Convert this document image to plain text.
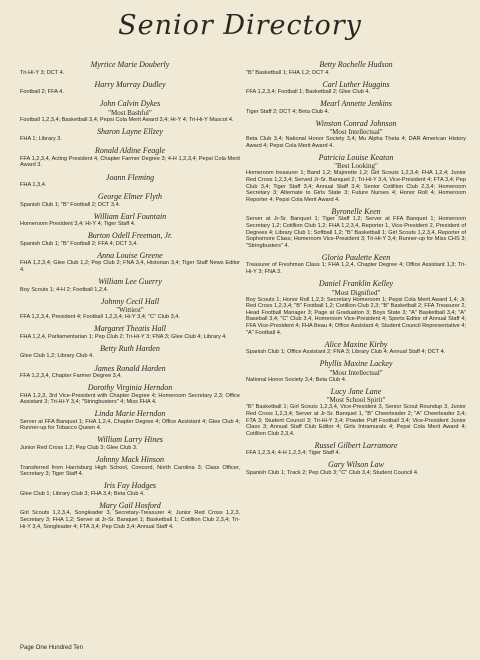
Senior Directory
Myrtice Marie Douberly
Tri-Hi-Y 3; DCT 4.
Harry Murray Dudley
Football 2; FFA 4.
John Calvin Dykes
"Most Bashful"
Football 1,2,3,4; Basketball 3,4; Pepsi Cola Merit Award 3,4; Hi-Y 4; Tri-Hi-Y Mascot 4.
Sharon Layne Ellzey
FHA 1; Library 3.
Ronald Aldine Feagle
FFA 1,2,3,4, Acting President 4, Chapter Farmer Degree 3; 4-H 1,2,3,4; Pepsi Cola Merit Award 3.
Joann Fleming
FHA 1,3,4.
George Elmer Flyth
Spanish Club 1; "B" Football 2; DCT 3,4.
William Earl Fountain
Homeroom President 3,4; Hi-Y 4; Tiger Staff 4.
Burton Odell Freeman, Jr.
Spanish Club 1; "B" Football 2; FFA 4; DCT 3,4.
Anna Louise Greene
FHA 1,2,3,4; Glee Club 1,2; Pep Club 2; FNA 3,4, Historian 3,4; Tiger Staff News Editor 4.
William Lee Guerry
Boy Scouts 1; 4-H 2; Football 1,2,4.
Johnny Cecil Hall
"Wittiest"
FFA 1,2,3,4, President 4; Football 1,2,3,4; Hi-Y 3,4; "C" Club 3,4.
Margaret Theatis Hall
FHA 1,2,4, Parliamentarian 1; Pep Club 2; Tri-Hi-Y 3; FNA 3; Glee Club 4; Library 4.
Betty Ruth Harden
Glee Club 1,2; Library Club 4.
James Ronald Harden
FFA 1,2,3,4, Chapter Farmer Degree 3,4.
Dorothy Virginia Herndon
FHA 1,2,3, 3rd Vice-President with Chapter Degree 4; Homeroom Secretary 2,3; Office Assistant 3; Tri-Hi-Y 3,4; "Stringbusters" 4; Miss FHA 4.
Linda Marie Herndon
Server at FFA Banquet 1; FHA 1,2,4, Chapter Degree 4; Office Assistant 4; Glee Club 4; Runner-up for Tobacco Queen 4.
William Larry Hines
Junior Red Cross 1,2; Pep Club 3; Glee Club 3.
Johnny Mack Hinson
Transferred from Harrisburg High School, Concord, North Carolina 3; Class Officer, Secretary 3; Tiger Staff 4.
Iris Fay Hodges
Glee Club 1; Library Club 3; FHA 3,4; Beta Club 4.
Mary Gail Hosford
Girl Scouts 1,2,3,4, Songleader 3, Secretary-Treasurer 4; Junior Red Cross 1,2,3, Secretary 3; FHA 1,2; Server at Jr-Sr. Banquet 1; Basketball 1; Cotillion Club 2,3,4; Tri-Hi-Y 3,4, Songleader 4; FTA 3,4; Pep Club 3,4; Annual Staff 4.
Betty Rochelle Hudson
"B" Basketball 1; FHA 1,2; DCT 4.
Carl Luther Huggins
FFA 1,2,3,4; Football 1; Basketball 2; Glee Club 4.
Mearl Annette Jenkins
Tiger Staff 2; DCT 4; Beta Club 4.
Winston Conrad Johnson
"Most Intellectual"
Beta Club 3,4; National Honor Society 3,4; Mu Alpha Theta 4; DAR American History Award 4; Pepsi Cola Merit Award 4.
Patricia Louise Keaton
"Best Looking"
Homeroom treasurer 1; Band 1,2; Majorette 1,2; Girl Scouts 1,2,3,4; FHA 1,2,4; Junior Red Cross 1,2,3,4; Served Jr-Sr. Banquet 2; Tri-Hi-Y 3,4, Vice-President 4; FTA 3,4; Pep Club 3,4; Tiger Staff 3,4; Annual Staff 3,4; Senior Cotillion Club 2,3,4; Homeroom Secretary 3; Alternate to Girls State 3; Future Nurses 4; Honor Roll 4; Homeroom Reporter 4; Pepsi Cola Merit Award 4.
Byronelle Keen
Server at Jr-Sr. Banquet 1; Tiger Staff 1,2; Server at FFA Banquet 1; Homeroom Secretary 1,2; Cotillion Club 1,2; FHA 1,2,3,4, Reporter 1, Vice-President 2, President of Degrees 4; Library Club 1; Softball 1,2; "B" Basketball 1; Girl Scouts 1,2,3,4, Reporter of Sophomore Class; Homeroom Vice-President 3; Tri-Hi-Y 3,4; Runner-up for Miss CHS 3; "Stringbusters" 4.
Gloria Paulette Keen
Treasurer of Freshman Class 1; FHA 1,2,4, Chapter Degree 4; Office Assistant 1,3; Tri-Hi-Y 3; FNA 3.
Daniel Franklin Kelley
"Most Dignified"
Boy Scouts 1; Honor Roll 1,2,3; Secretary Homeroom 1; Pepsi Cola Merit Award 1,4; Jr. Red Cross 1,2,3,4; "B" Football 1,2; Cotillion Club 2,3; "B" Basketball 2; FFA Treasurer 2, Head Football Manager 3; Page at Graduation 3; Boys State 3; "A" Basketball 3,4; "A" Baseball 3,4; "C" Club 3,4, Homeroom Vice-President 4; Sports Editor of Annual Staff 4; FFA Vice-President 4; FHA Beau 4; Office Assistant 4; Student Council Representative 4; "A" Football 4.
Alice Maxine Kirby
Spanish Club 1; Office Assistant 2; FNA 3; Library Club 4; Annual Staff 4; DCT 4.
Phyllis Maxine Lackey
"Most Intellectual"
National Honor Society 3,4; Beta Club 4.
Lucy Jane Lane
"Most School Spirit"
"B" Basketball 1; Girl Scouts 1,2,3,4, Vice-President 3, Senior Scout Roundup 3, Junior Red Cross 1,2,3,4; Server at Jr-Sr. Banquet 1, "B" Cheerleader 2; "A" Cheerleader 3,4; FTA 3; Student Council 3; Tri-Hi-Y 3,4; Powder Puff Football 3,4; Vice-President Junior Class 3; Annual Staff Club Editor 4; Girls Intramurals 4; Pepsi Cola Merit Award 4; Cotillion Club 2,3,4.
Russel Gilbert Larramore
FFA 1,2,3,4; 4-H 1,2,3,4; Tiger Staff 4.
Gary Wilson Law
Spanish Club 1; Track 2; Pep Club 3; "C" Club 3,4; Student Council 4.
Page One Hundred Ten
